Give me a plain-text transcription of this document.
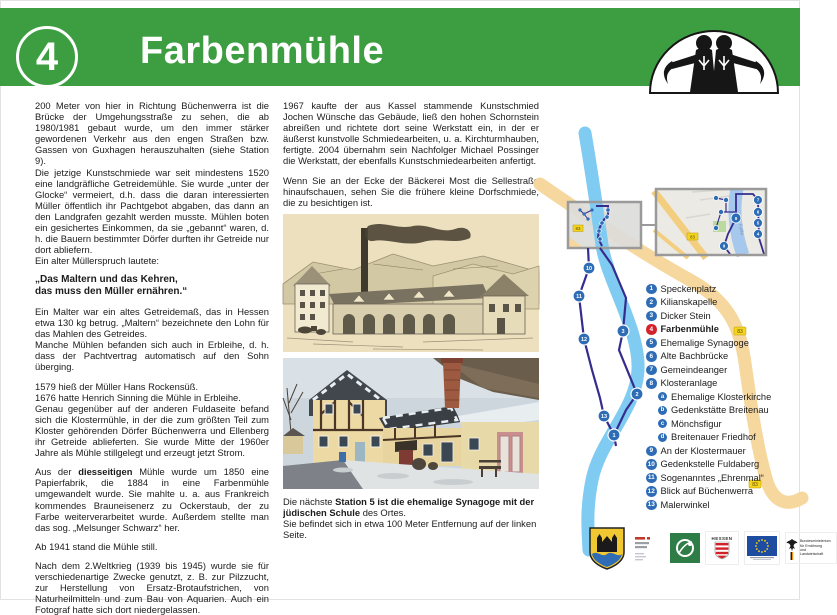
4 Farbenmühle

200 Meter von hier in Richtung Büchenwerra ist die Brücke der Umgehungsstraße zu sehen, die ab 1980/1981 gebaut wurde, um den immer stärker gewordenen Verkehr aus den engen Straßen bzw. Gassen von Guxhagen herauszuhalten (siehe Station 9).

Die jetzige Kunstschmiede war seit mindestens 1520 eine landgräfliche Getreidemühle. Sie wurde „unter der Glocke“ vermeiert, d.h. dass die daran interessierten Müller öffentlich ihr Pachtgebot abgaben, das dann an den Landgrafen gezahlt werden musste. Mühlen boten ein gesichertes Einkommen, da sie „gebannt“ waren, d. h. die Bauern bestimmter Dörfer durften ihr Getreide nur dort abliefern.

Ein alter Müllerspruch lautete:

„Das Maltern und das Kehren,

das muss den Müller ernähren.“

Ein Malter war ein altes Getreidemaß, das in Hessen etwa 130 kg betrug. „Maltern“ bezeichnete den Lohn für das Mahlen des Getreides.

Manche Mühlen befanden sich auch in Erbleihe, d. h. dass der Pachtvertrag automatisch auf den Sohn überging.

1579 hieß der Müller Hans Rockensüß.

1676 hatte Henrich Sinning die Mühle in Erbleihe.

Genau gegenüber auf der anderen Fuldaseite befand sich die Klostermühle, in der die zum größten Teil zum Kloster gehörenden Dörfer Büchenwerra und Ellenberg ihr Getreide ablieferten. Sie wurde Mitte der 1960er Jahre als Mühle stillgelegt und erzeugt jetzt Strom.

Aus der diesseitigen Mühle wurde um 1850 eine Papierfabrik, die 1884 in eine Farbenmühle umgewandelt wurde. Sie mahlte u. a. aus Frankreich kommendes Brauneisenerz zu Ockerstaub, der zu Farbe weiterverarbeitet wurde. Außerdem stellte man das sog. „Melsunger Schwarz“ her.

Ab 1941 stand die Mühle still.

Nach dem 2.Weltkrieg (1939 bis 1945) wurde sie für verschiedenartige Zwecke genutzt, z. B. zur Pilzzucht, zur Herstellung von Ersatz-Brotaufstrichen, von Naturheilmitteln und zum Bau von Aquarien. Auch ein Fotograf hatte sich dort niedergelassen.

1967 kaufte der aus Kassel stammende Kunstschmied Jochen Wünsche das Gebäude, ließ den hohen Schornstein abreißen und richtete dort seine Werkstatt ein, in der er äußerst kunstvolle Schmiedearbeiten, u. a. Kirchturmhauben, fertigte. 2004 übernahm sein Nachfolger Michael Possinger die Werkstatt, der ebenfalls Kunstschmiedearbeiten anfertigt.

Wenn Sie an der Ecke der Bäckerei Most die Sellestraße hinaufschauen, sehen Sie die frühere kleine Dorfschmiede, die zu besichtigen ist.

Die nächste Station 5 ist die ehemalige Synagoge mit der jüdischen Schule des Ortes.

Sie befindet sich in etwa 100 Meter Entfernung auf der linken Seite.

83	Fulda
83
7
6
5
4
8
9
83
83
1
2
3
10
11
12
13
1 Speckenplatz
2 Kilianskapelle
3 Dicker Stein
4 Farbenmühle
5 Ehemalige Synagoge
6 Alte Bachbrücke
7 Gemeindeanger
8 Klosteranlage
a Ehemalige Klosterkirche
b Gedenkstätte Breitenau
c Mönchsfigur
d Breitenauer Friedhof
9 An der Klostermauer
10 Gedenkstelle Fuldaberg
11 Sogenanntes „Ehrenmal“
12 Blick auf Büchenwerra
13 Malerwinkel
HESSEN
Bundesministerium für Ernährung und Landwirtschaft
